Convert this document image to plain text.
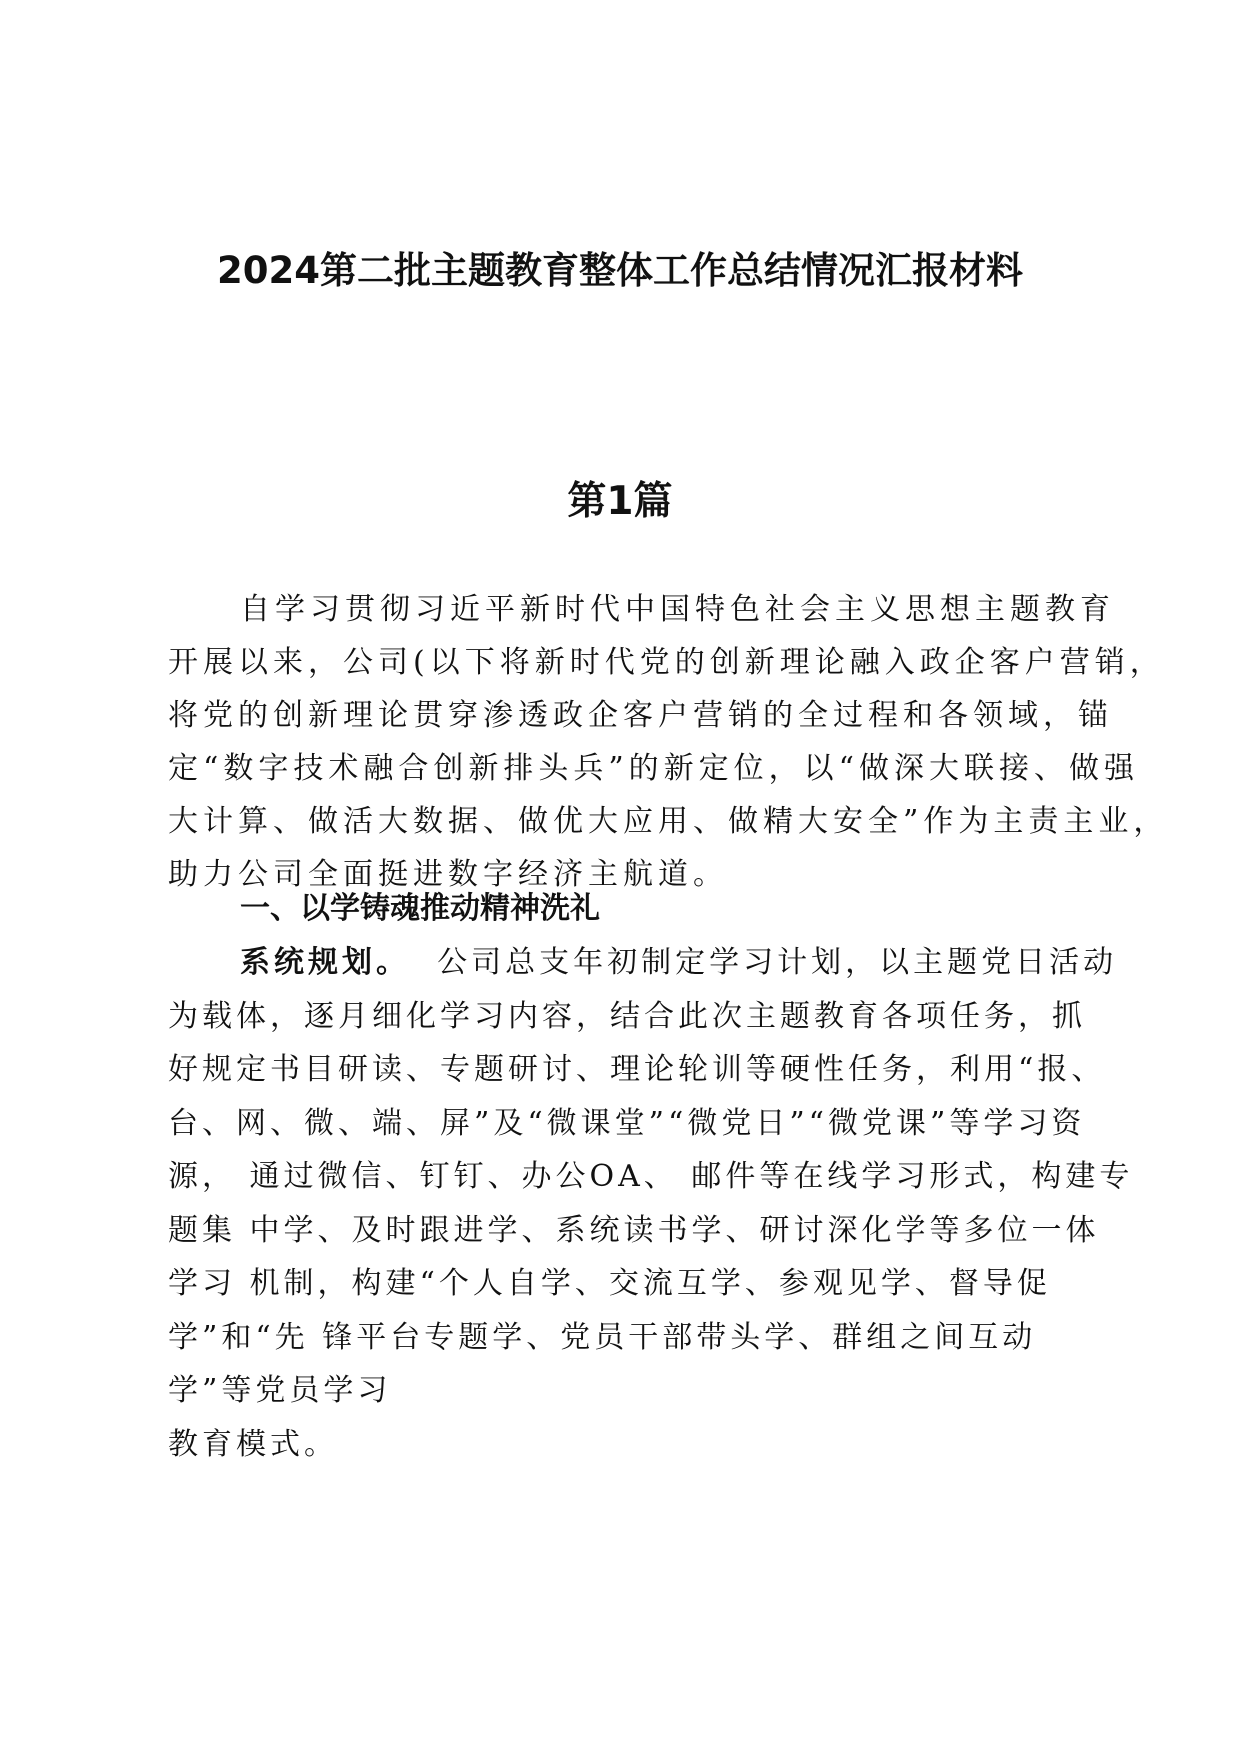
2024第二批主题教育整体工作总结情况汇报材料
第1篇
自学习贯彻习近平新时代中国特色社会主义思想主题教育
开展以来，公司(以下将新时代党的创新理论融入政企客户营销，
将党的创新理论贯穿渗透政企客户营销的全过程和各领域，锚
定“数字技术融合创新排头兵”的新定位，以“做深大联接、做强
大计算、做活大数据、做优大应用、做精大安全”作为主责主业，
助力公司全面挺进数字经济主航道。
一、以学铸魂推动精神洗礼
系统规划。 公司总支年初制定学习计划，以主题党日活动
为载体，逐月细化学习内容，结合此次主题教育各项任务，抓
好规定书目研读、专题研讨、理论轮训等硬性任务，利用“报、
台、网、微、端、屏”及“微课堂”“微党日”“微党课”等学习资
源， 通过微信、钉钉、办公OA、 邮件等在线学习形式，构建专
题集 中学、及时跟进学、系统读书学、研讨深化学等多位一体
学习 机制，构建“个人自学、交流互学、参观见学、督导促
学”和“先 锋平台专题学、党员干部带头学、群组之间互动
学”等党员学习
教育模式。
